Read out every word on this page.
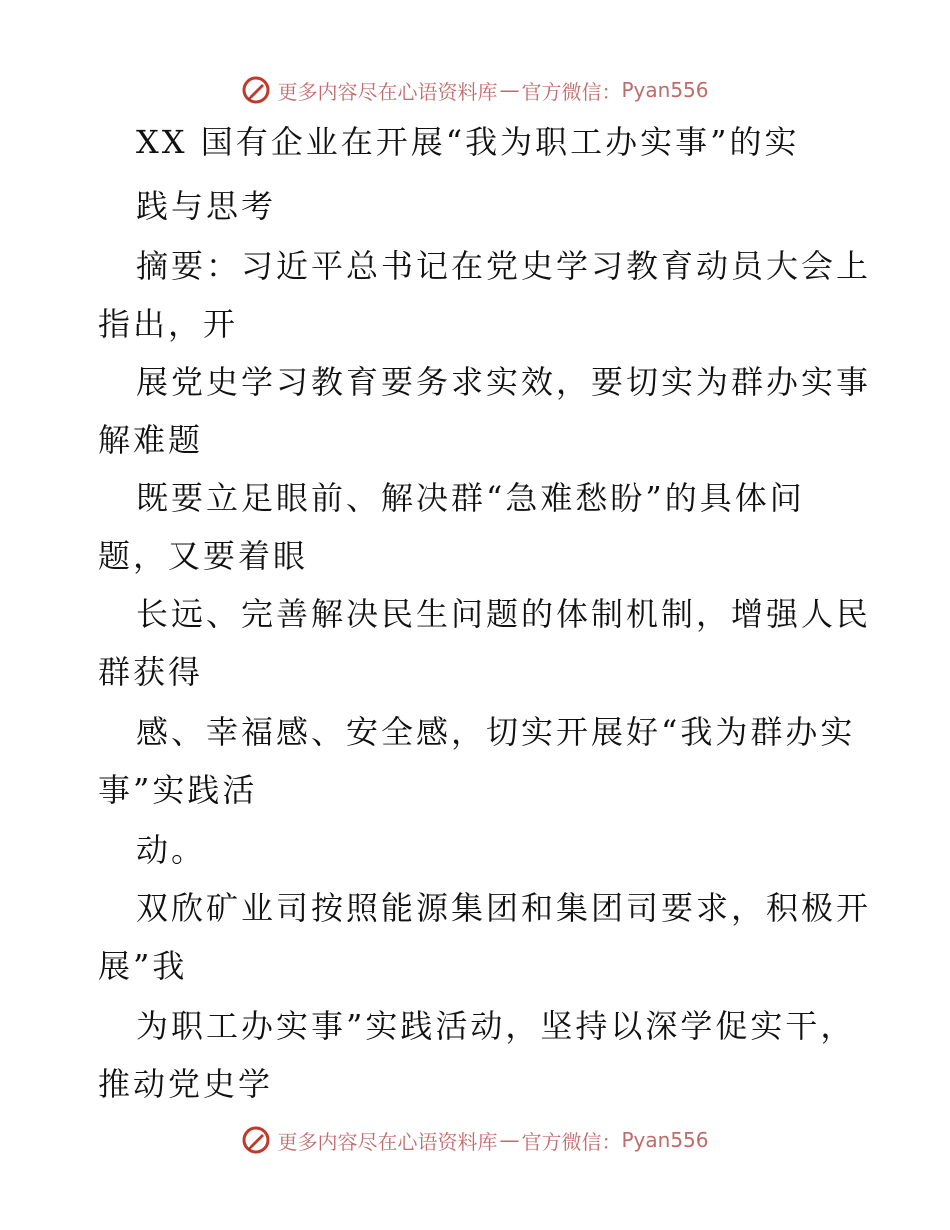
更多内容尽在心语资料库 — 官方微信： Pyan556
XX 国有企业在开展“我为职工办实事”的实
践与思考
摘要：习近平总书记在党史学习教育动员大会上
指出，开
展党史学习教育要务求实效，要切实为群办实事
解难题
既要立足眼前、解决群“急难愁盼”的具体问
题，又要着眼
长远、完善解决民生问题的体制机制，增强人民
群获得
感、幸福感、安全感，切实开展好“我为群办实
事”实践活
动。
双欣矿业司按照能源集团和集团司要求，积极开
展”我
为职工办实事”实践活动，坚持以深学促实干，
推动党史学
更多内容尽在心语资料库 — 官方微信： Pyan556
